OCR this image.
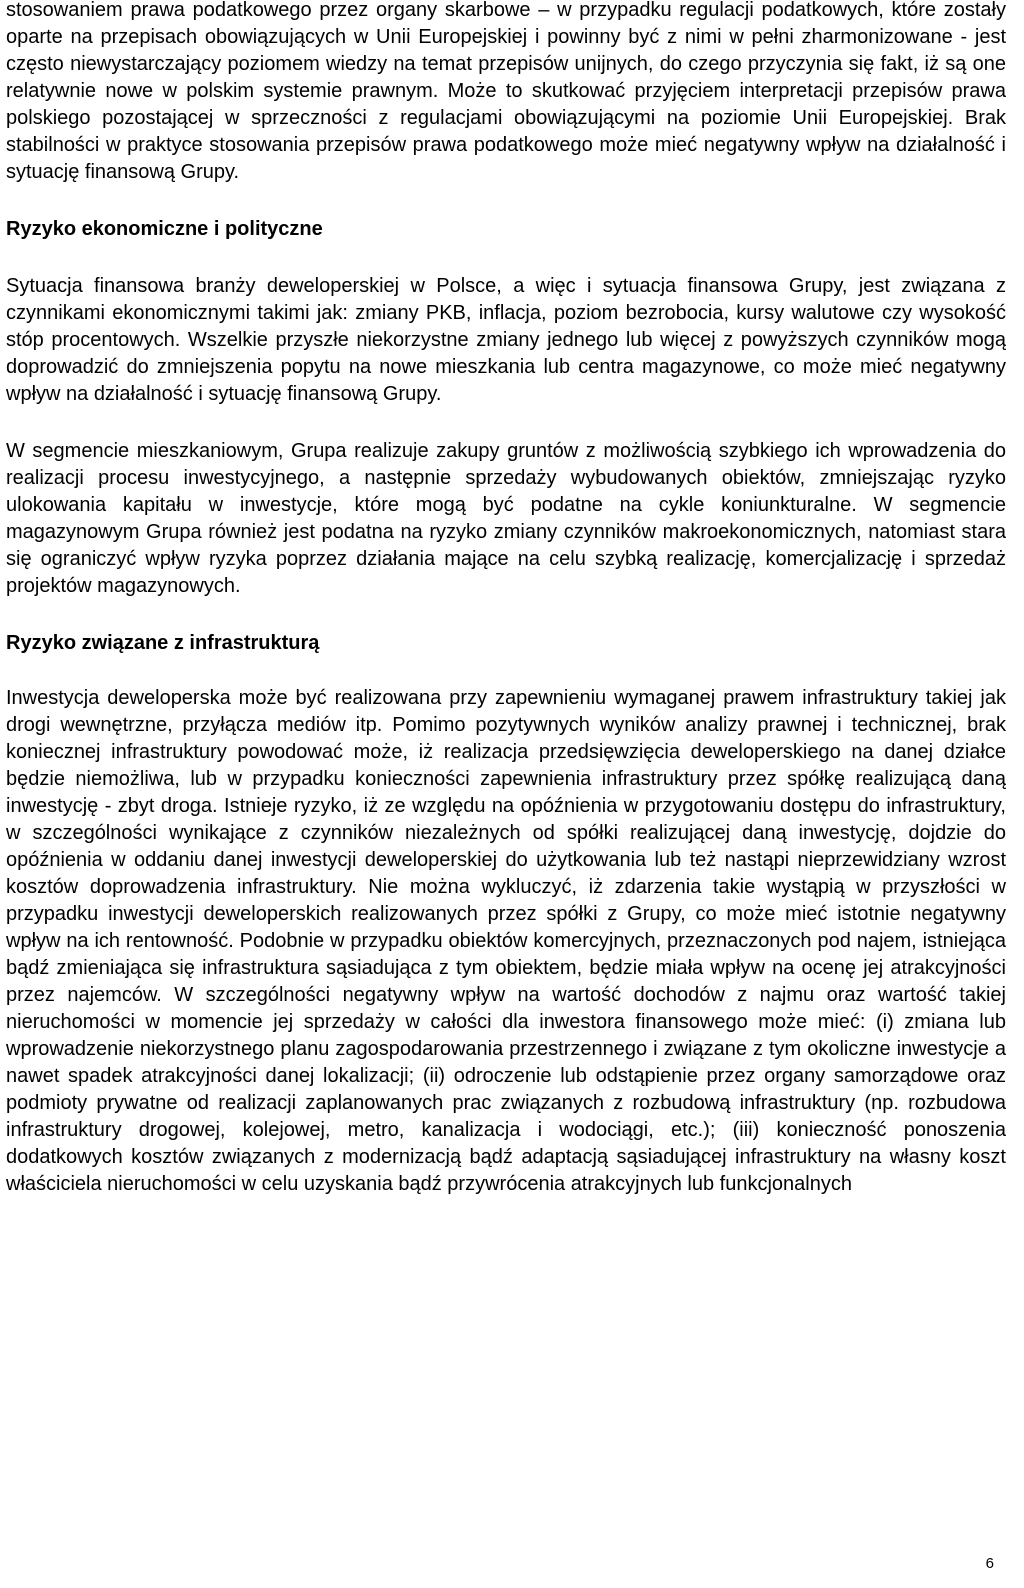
stosowaniem prawa podatkowego przez organy skarbowe – w przypadku regulacji podatkowych, które zostały oparte na przepisach obowiązujących w Unii Europejskiej i powinny być z nimi w pełni zharmonizowane - jest często niewystarczający poziomem wiedzy na temat przepisów unijnych, do czego przyczynia się fakt, iż są one relatywnie nowe w polskim systemie prawnym. Może to skutkować przyjęciem interpretacji przepisów prawa polskiego pozostającej w sprzeczności z regulacjami obowiązującymi na poziomie Unii Europejskiej. Brak stabilności w praktyce stosowania przepisów prawa podatkowego może mieć negatywny wpływ na działalność i sytuację finansową Grupy.

Ryzyko ekonomiczne i polityczne

Sytuacja finansowa branży deweloperskiej w Polsce, a więc i sytuacja finansowa Grupy, jest związana z czynnikami ekonomicznymi takimi jak: zmiany PKB, inflacja, poziom bezrobocia, kursy walutowe czy wysokość stóp procentowych. Wszelkie przyszłe niekorzystne zmiany jednego lub więcej z powyższych czynników mogą doprowadzić do zmniejszenia popytu na nowe mieszkania lub centra magazynowe, co może mieć negatywny wpływ na działalność i sytuację finansową Grupy.

W segmencie mieszkaniowym, Grupa realizuje zakupy gruntów z możliwością szybkiego ich wprowadzenia do realizacji procesu inwestycyjnego, a następnie sprzedaży wybudowanych obiektów, zmniejszając ryzyko ulokowania kapitału w inwestycje, które mogą być podatne na cykle koniunkturalne. W segmencie magazynowym Grupa również jest podatna na ryzyko zmiany czynników makroekonomicznych, natomiast stara się ograniczyć wpływ ryzyka poprzez działania mające na celu szybką realizację, komercjalizację i sprzedaż projektów magazynowych.

Ryzyko związane z infrastrukturą

Inwestycja deweloperska może być realizowana przy zapewnieniu wymaganej prawem infrastruktury takiej jak drogi wewnętrzne, przyłącza mediów itp. Pomimo pozytywnych wyników analizy prawnej i technicznej, brak koniecznej infrastruktury powodować może, iż realizacja przedsięwzięcia deweloperskiego na danej działce będzie niemożliwa, lub w przypadku konieczności zapewnienia infrastruktury przez spółkę realizującą daną inwestycję - zbyt droga. Istnieje ryzyko, iż ze względu na opóźnienia w przygotowaniu dostępu do infrastruktury, w szczególności wynikające z czynników niezależnych od spółki realizującej daną inwestycję, dojdzie do opóźnienia w oddaniu danej inwestycji deweloperskiej do użytkowania lub też nastąpi nieprzewidziany wzrost kosztów doprowadzenia infrastruktury. Nie można wykluczyć, iż zdarzenia takie wystąpią w przyszłości w przypadku inwestycji deweloperskich realizowanych przez spółki z Grupy, co może mieć istotnie negatywny wpływ na ich rentowność. Podobnie w przypadku obiektów komercyjnych, przeznaczonych pod najem, istniejąca bądź zmieniająca się infrastruktura sąsiadująca z tym obiektem, będzie miała wpływ na ocenę jej atrakcyjności przez najemców. W szczególności negatywny wpływ na wartość dochodów z najmu oraz wartość takiej nieruchomości w momencie jej sprzedaży w całości dla inwestora finansowego może mieć: (i) zmiana lub wprowadzenie niekorzystnego planu zagospodarowania przestrzennego i związane z tym okoliczne inwestycje a nawet spadek atrakcyjności danej lokalizacji; (ii) odroczenie lub odstąpienie przez organy samorządowe oraz podmioty prywatne od realizacji zaplanowanych prac związanych z rozbudową infrastruktury (np. rozbudowa infrastruktury drogowej, kolejowej, metro, kanalizacja i wodociągi, etc.); (iii) konieczność ponoszenia dodatkowych kosztów związanych z modernizacją bądź adaptacją sąsiadującej infrastruktury na własny koszt właściciela nieruchomości w celu uzyskania bądź przywrócenia atrakcyjnych lub funkcjonalnych

6
